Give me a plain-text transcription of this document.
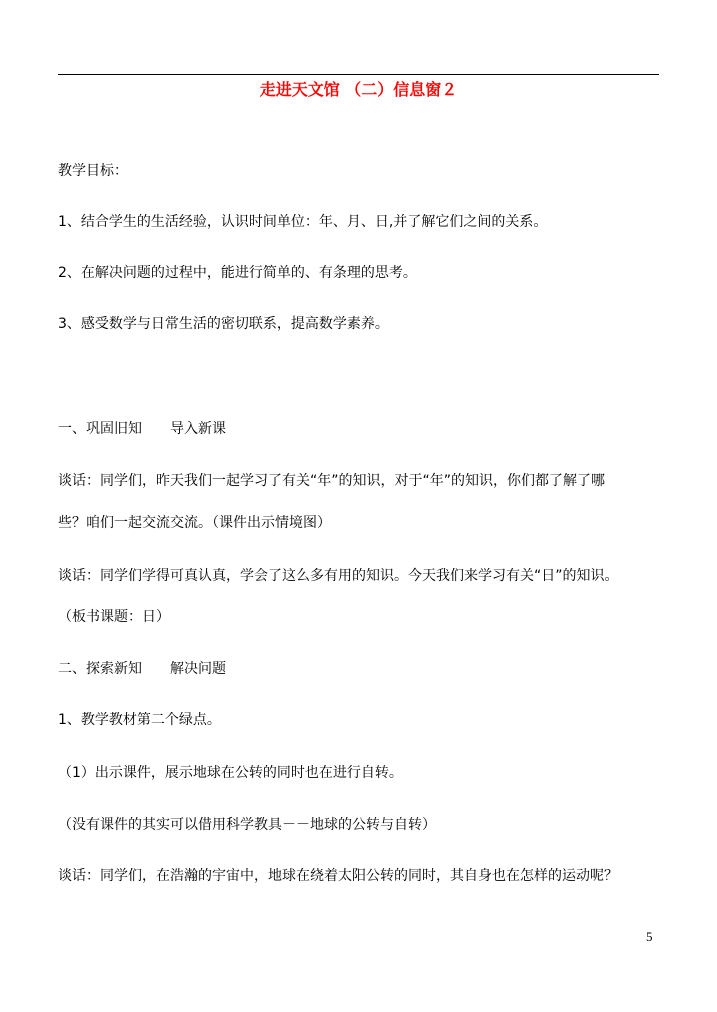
走进天文馆 （二）信息窗２
教学目标：
1、结合学生的生活经验，认识时间单位：年、月、日,并了解它们之间的关系。
2、在解决问题的过程中，能进行简单的、有条理的思考。
3、感受数学与日常生活的密切联系，提高数学素养。
一、巩固旧知　　导入新课
谈话：同学们，昨天我们一起学习了有关“年”的知识，对于“年”的知识，你们都了解了哪
些？咱们一起交流交流。（课件出示情境图）
谈话：同学们学得可真认真，学会了这么多有用的知识。今天我们来学习有关“日”的知识。
（板书课题：日）
二、探索新知　　解决问题
1、教学教材第二个绿点。
（1）出示课件，展示地球在公转的同时也在进行自转。
（没有课件的其实可以借用科学教具－－地球的公转与自转）
谈话：同学们，在浩瀚的宇宙中，地球在绕着太阳公转的同时，其自身也在怎样的运动呢？
5
